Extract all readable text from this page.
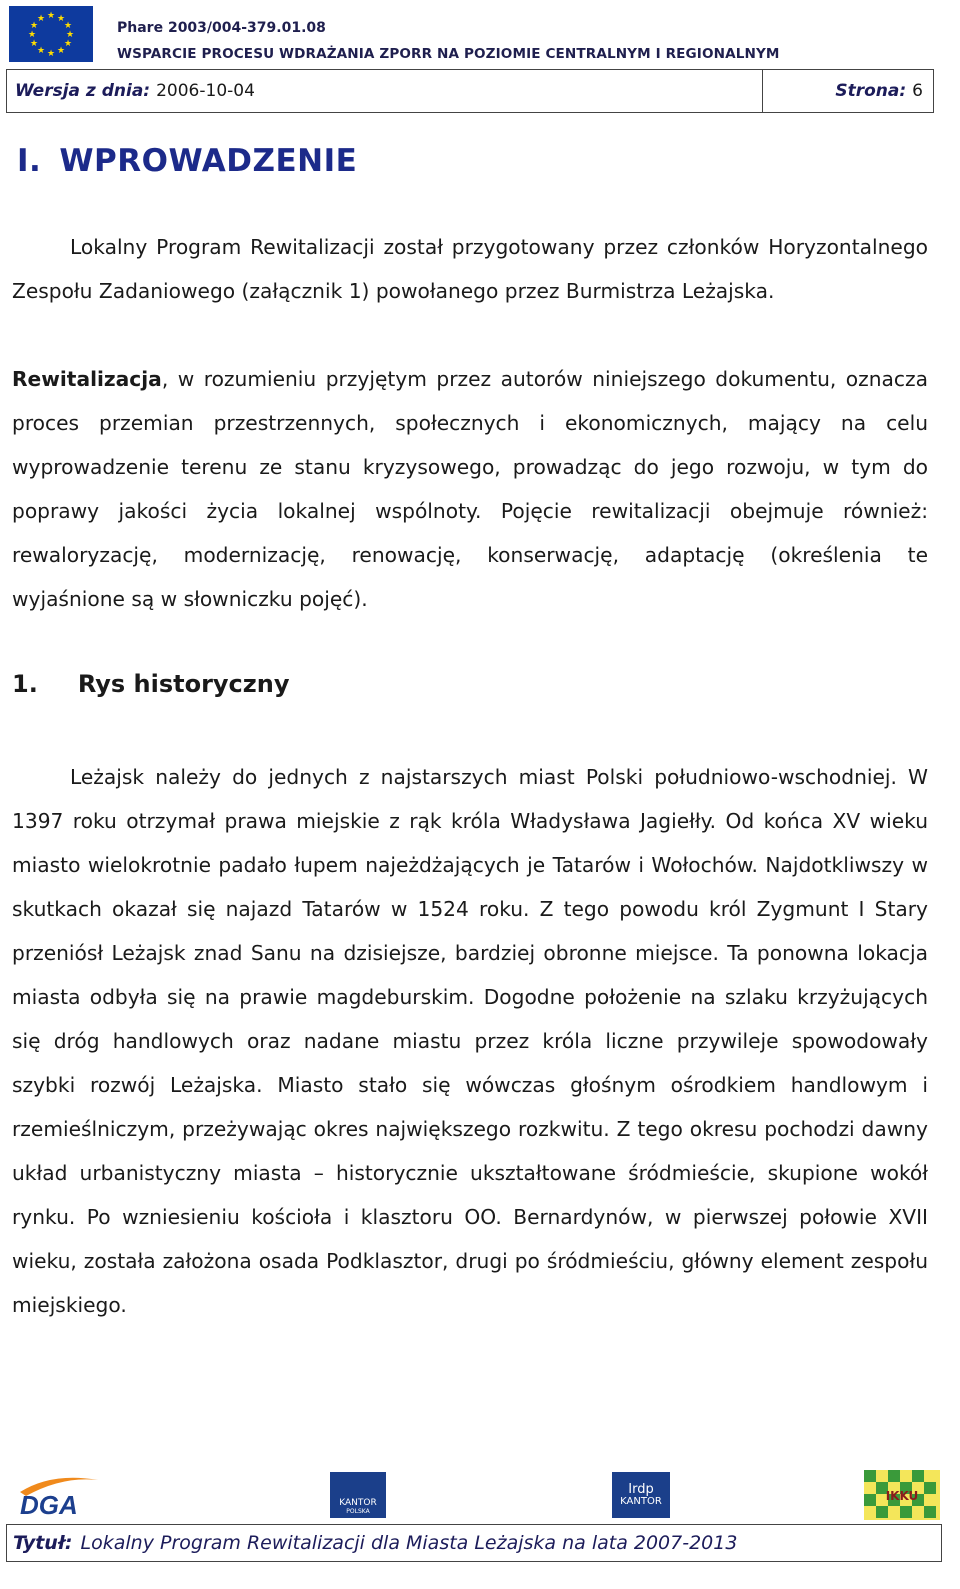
★ ★
★
★
★
★
★
★
★
★
★
★
Phare 2003/004-379.01.08
WSPARCIE PROCESU WDRAŻANIA ZPORR NA POZIOMIE CENTRALNYM I REGIONALNYM
Wersja z dnia: 2006-10-04	Strona: 6
I. WPROWADZENIE
Lokalny Program Rewitalizacji został przygotowany przez członków Horyzontalnego Zespołu Zadaniowego (załącznik 1) powołanego przez Burmistrza Leżajska.
Rewitalizacja, w rozumieniu przyjętym przez autorów niniejszego dokumentu, oznacza proces przemian przestrzennych, społecznych i ekonomicznych, mający na celu wyprowadzenie terenu ze stanu kryzysowego, prowadząc do jego rozwoju, w tym do poprawy jakości życia lokalnej wspólnoty. Pojęcie rewitalizacji obejmuje również: rewaloryzację, modernizację, renowację, konserwację, adaptację (określenia te wyjaśnione są w słowniczku pojęć).
1. Rys historyczny
Leżajsk należy do jednych z najstarszych miast Polski południowo-wschodniej. W 1397 roku otrzymał prawa miejskie z rąk króla Władysława Jagiełły. Od końca XV wieku miasto wielokrotnie padało łupem najeżdżających je Tatarów i Wołochów. Najdotkliwszy w skutkach okazał się najazd Tatarów w 1524 roku. Z tego powodu król Zygmunt I Stary przeniósł Leżajsk znad Sanu na dzisiejsze, bardziej obronne miejsce. Ta ponowna lokacja miasta odbyła się na prawie magdeburskim. Dogodne położenie na szlaku krzyżujących się dróg handlowych oraz nadane miastu przez króla liczne przywileje spowodowały szybki rozwój Leżajska. Miasto stało się wówczas głośnym ośrodkiem handlowym i rzemieślniczym, przeżywając okres największego rozkwitu. Z tego okresu pochodzi dawny układ urbanistyczny miasta – historycznie ukształtowane śródmieście, skupione wokół rynku. Po wzniesieniu kościoła i klasztoru OO. Bernardynów, w pierwszej połowie XVII wieku, została założona osada Podklasztor, drugi po śródmieściu, główny element zespołu miejskiego.
DGA	KANTOR
POLSKA
Irdp
KANTOR	IKKU
Tytuł: Lokalny Program Rewitalizacji dla Miasta Leżajska na lata 2007-2013
